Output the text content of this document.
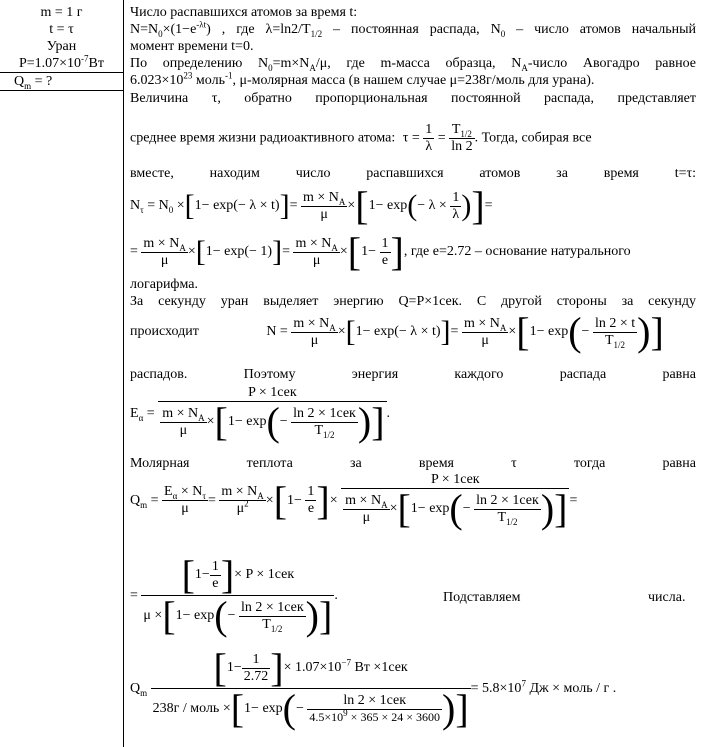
m = 1 г
t = τ
Уран
$P=1.07\times 10^{-7}Вт$
$Q_m$ = ?
Число распавшихся атомов за время t:
$N=N_0\times(1-e^{-\lambda t})$ , где $\lambda=\ln 2/T_{1/2}$ – постоянная распада, $N_0$ – число атомов начальный
момент времени t=0.
По определению $N_0=m\times N_A/\mu$, где m-масса образца, $N_A$-число Авогадро равное
$6.023\times 10^{23}$ моль$^{-1}$, μ-молярная масса (в нашем случае μ=238г/моль для урана).
Величина τ, обратно пропорциональная постоянной распада, представляет
среднее время жизни радиоактивного атома: $\tau = \frac{1}{\lambda} = \frac{T_{1/2}}{\ln 2}$ . Тогда, собирая все
вместе, находим число распавшихся атомов за время t=τ:
$N_\tau = N_0 \times[1- \exp(- \lambda \times t)]= \frac{m \times N_A}{\mu} \times[1- \exp(- \lambda \times \frac{1}{\lambda}$ )]=
= $\frac{m \times N_A}{\mu} \times[1- \exp(- 1)]= \frac{m \times N_A}{\mu} \times[1- \frac{1}{e}$ ], где e=2.72 – основание натурального
логарифма.
За секунду уран выделяет энергию Q=P×1сек. С другой стороны за секунду
происходит	$N = \frac{m \times N_A}{\mu} \times[1- \exp(- \lambda \times t)]= \frac{m \times N_A}{\mu} \times[1- \exp(- \frac{\ln 2 \times t}{T_{1/2}}$ )]
распадов. Поэтому энергия каждого распада равна
$E_\alpha = \frac{\text{P × 1сек}}{\frac{m \times N_A}{\mu} \times[1- \exp(- \frac{\text{ln 2 × 1сек}}{T_{1/2}} )]}$ .
Молярная теплота за время τ тогда равна
$Q_m = \frac{E_\alpha \times N_\tau}{\mu} = \frac{m \times N_A}{\mu^2} \times[1- \frac{1}{e}$ ]× $\frac{\text{P × 1сек}}{\frac{m \times N_A}{\mu} \times[1- \exp(- \frac{\text{ln 2 × 1сек}}{T_{1/2}} )]}$ =
= $\frac{[1- \frac{1}{e} ]\times P \times 1сек}{\mu \times[1- \exp(- \frac{\text{ln 2 × 1сек}}{T_{1/2}} )]}$ .	Подставляем	числа.
$Q_m$
[$1- \frac{1}{2.72}$ ]× $1.07\times 10^{-7}$ Вт ×1сек
238г / моль $\times[1- \exp(- \frac{\text{ln 2 × 1сек}}{4.5\times 10^9 \times 365 \times 24 \times 3600}$ )] = $5.8\times 10^7$ Дж × моль / г .
